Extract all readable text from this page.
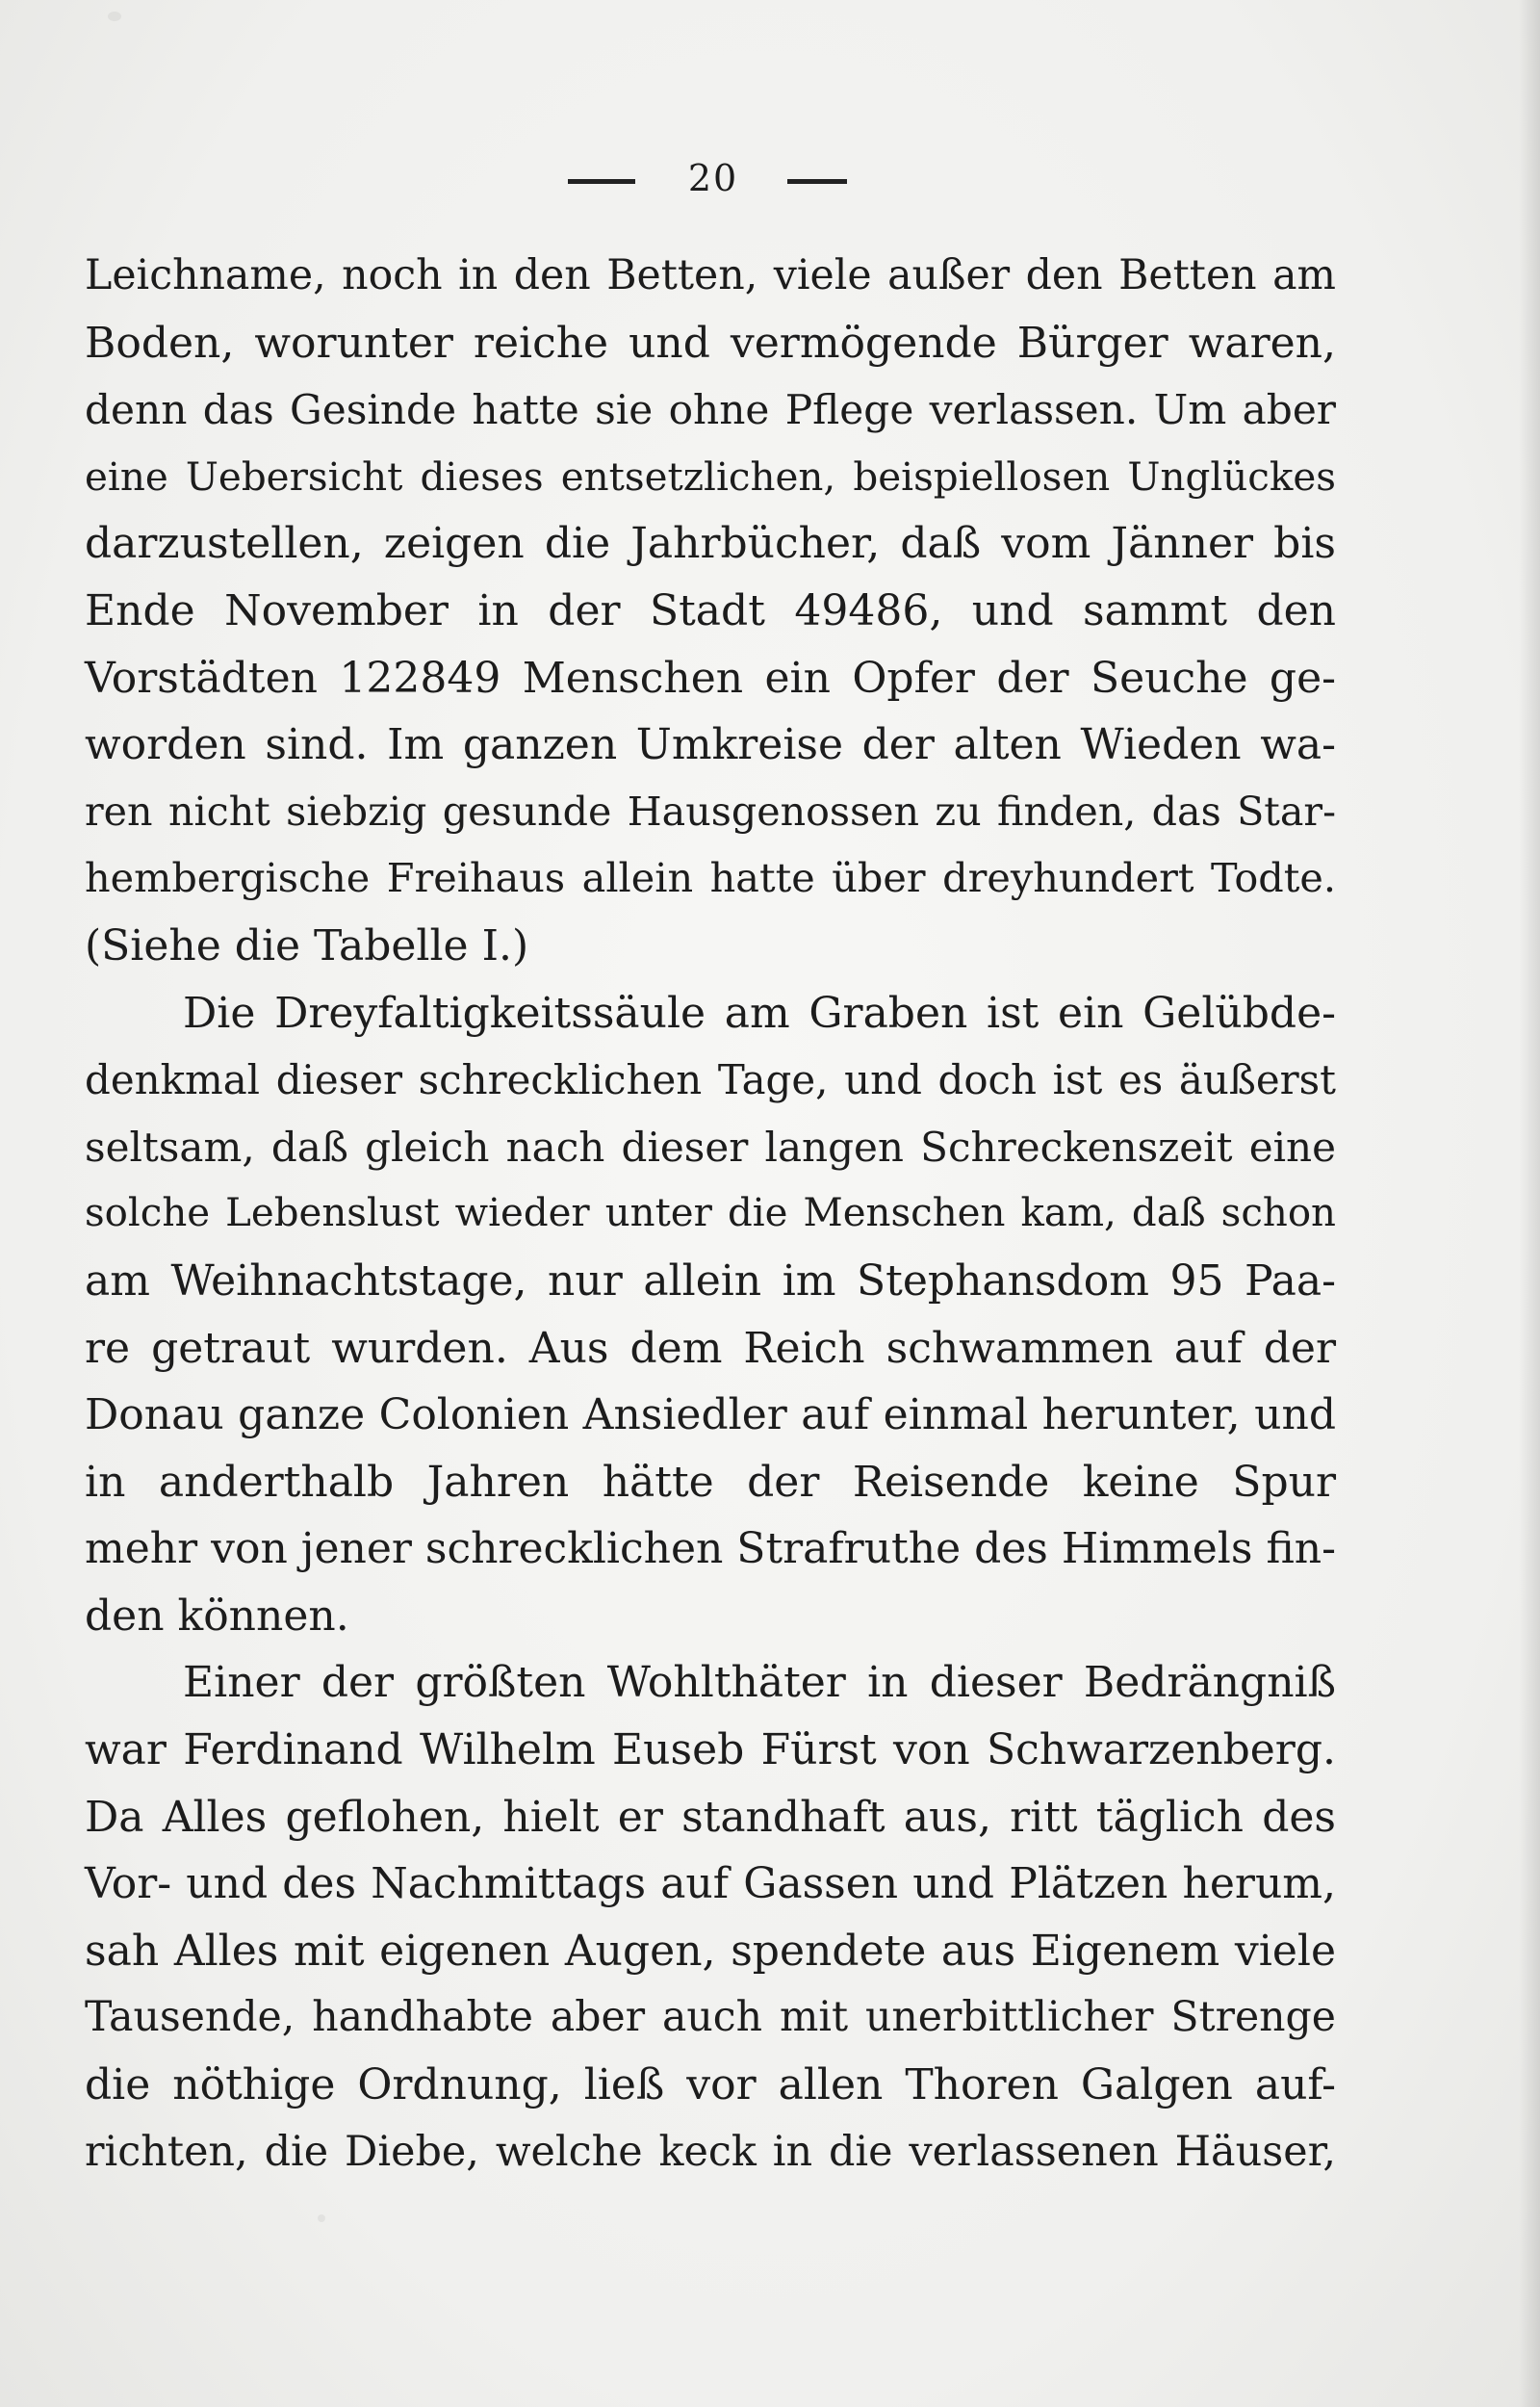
20
Leichname, noch in den Betten, viele außer den Betten am
Boden, worunter reiche und vermögende Bürger waren,
denn das Gesinde hatte sie ohne Pflege verlassen. Um aber
eine Uebersicht dieses entsetzlichen, beispiellosen Unglückes
darzustellen, zeigen die Jahrbücher, daß vom Jänner bis
Ende November in der Stadt 49486, und sammt den
Vorstädten 122849 Menschen ein Opfer der Seuche ge-
worden sind. Im ganzen Umkreise der alten Wieden wa-
ren nicht siebzig gesunde Hausgenossen zu finden, das Star-
hembergische Freihaus allein hatte über dreyhundert Todte.
(Siehe die Tabelle I.)
Die Dreyfaltigkeitssäule am Graben ist ein Gelübde-
denkmal dieser schrecklichen Tage, und doch ist es äußerst
seltsam, daß gleich nach dieser langen Schreckenszeit eine
solche Lebenslust wieder unter die Menschen kam, daß schon
am Weihnachtstage, nur allein im Stephansdom 95 Paa-
re getraut wurden. Aus dem Reich schwammen auf der
Donau ganze Colonien Ansiedler auf einmal herunter, und
in anderthalb Jahren hätte der Reisende keine Spur
mehr von jener schrecklichen Strafruthe des Himmels fin-
den können.
Einer der größten Wohlthäter in dieser Bedrängniß
war Ferdinand Wilhelm Euseb Fürst von Schwarzenberg.
Da Alles geflohen, hielt er standhaft aus, ritt täglich des
Vor- und des Nachmittags auf Gassen und Plätzen herum,
sah Alles mit eigenen Augen, spendete aus Eigenem viele
Tausende, handhabte aber auch mit unerbittlicher Strenge
die nöthige Ordnung, ließ vor allen Thoren Galgen auf-
richten, die Diebe, welche keck in die verlassenen Häuser,
